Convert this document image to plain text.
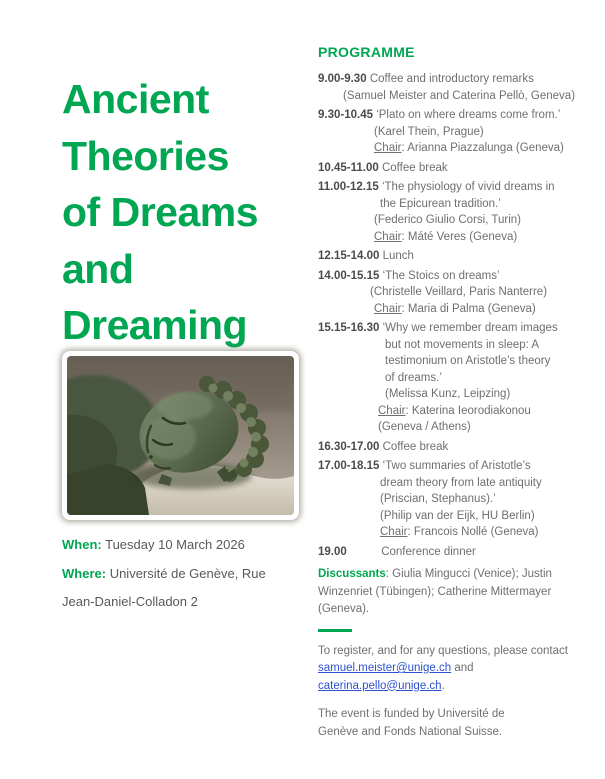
Ancient
Theories
of Dreams
and
Dreaming

When: Tuesday 10 March 2026

Where: Université de Genève, Rue Jean-Daniel-Colladon 2

PROGRAMME
9.00-9.30 Coffee and introductory remarks
(Samuel Meister and Caterina Pellò, Geneva)
9.30-10.45 ‘Plato on where dreams come from.’
(Karel Thein, Prague)
Chair: Arianna Piazzalunga (Geneva)
10.45-11.00 Coffee break
11.00-12.15 ‘The physiology of vivid dreams in
the Epicurean tradition.’
(Federico Giulio Corsi, Turin)
Chair: Máté Veres (Geneva)
12.15-14.00 Lunch
14.00-15.15 ‘The Stoics on dreams’
(Christelle Veillard, Paris Nanterre)
Chair: Maria di Palma (Geneva)
15.15-16.30 ‘Why we remember dream images
but not movements in sleep: A
testimonium on Aristotle’s theory
of dreams.’
(Melissa Kunz, Leipzing)
Chair: Katerina Ieorodiakonou
(Geneva / Athens)
16.30-17.00 Coffee break
17.00-18.15 ‘Two summaries of Aristotle’s
dream theory from late antiquity
(Priscian, Stephanus).’
(Philip van der Eijk, HU Berlin)
Chair: Francois Nollé (Geneva)
19.00	Conference dinner

Discussants: Giulia Mingucci (Venice); Justin Winzenriet (Tübingen); Catherine Mittermayer (Geneva).

To register, and for any questions, please contact samuel.meister@unige.ch and caterina.pello@unige.ch.

The event is funded by Université de
Genève and Fonds National Suisse.
